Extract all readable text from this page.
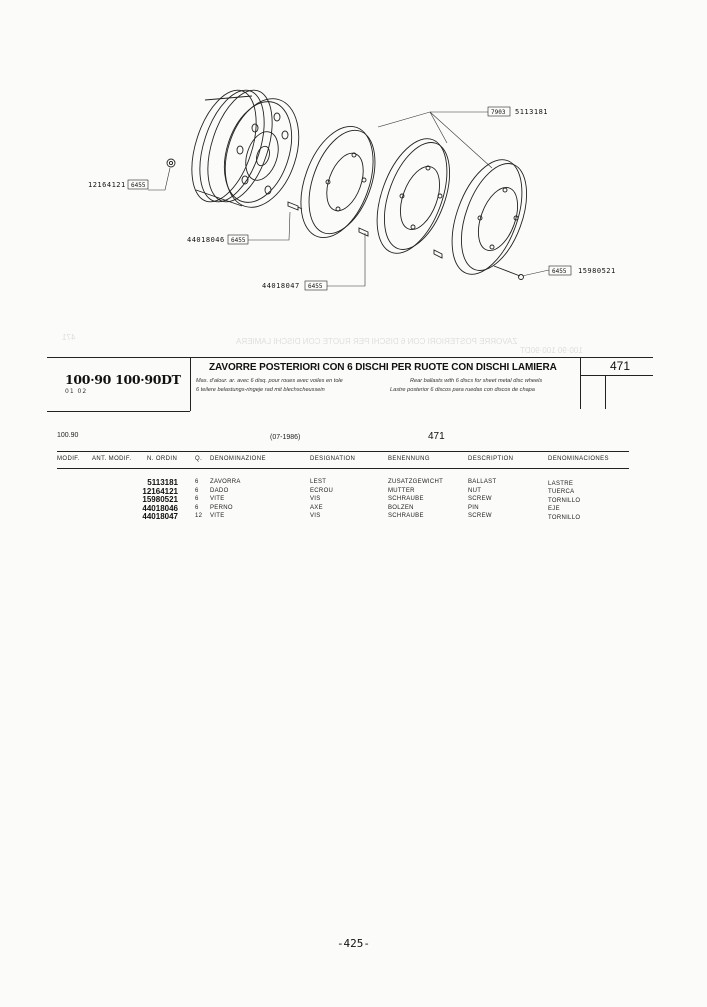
ZAVORRE POSTERIORI CON 6 DISCHI PER RUOTE CON DISCHI LAMIERA
100·90 100·90DT
471
12164121 6455
44018046 6455
44018047 6455
7903 5113181
6455 15980521
100·90 100·90DT
01 02
ZAVORRE POSTERIORI CON 6 DISCHI PER RUOTE CON DISCHI LAMIERA
Mas. d'alour. ar. avec 6 disq. pour roues avec voiles en tole	Rear ballasts with 6 discs for sheet metal disc wheels
6 teilere belastungs-ringeje rad mit blechscheussein	Lastre posterior 6 discos para ruedas con discos de chapa
471
100.90	(07-1986)	471
MODIF. ANT. MODIF.	N. ORDIN	Q. DENOMINAZIONE	DESIGNATION	BENENNUNG	DESCRIPTION	DENOMINACIONES
5113181	6 ZAVORRA	LEST	ZUSATZGEWICHT	BALLAST	LASTRE
12164121	6 DADO	ECROU	MUTTER	NUT	TUERCA
15980521	6 VITE	VIS	SCHRAUBE	SCREW	TORNILLO
44018046	6 PERNO	AXE	BOLZEN	PIN	EJE
44018047	12 VITE	VIS	SCHRAUBE	SCREW	TORNILLO
-425-
